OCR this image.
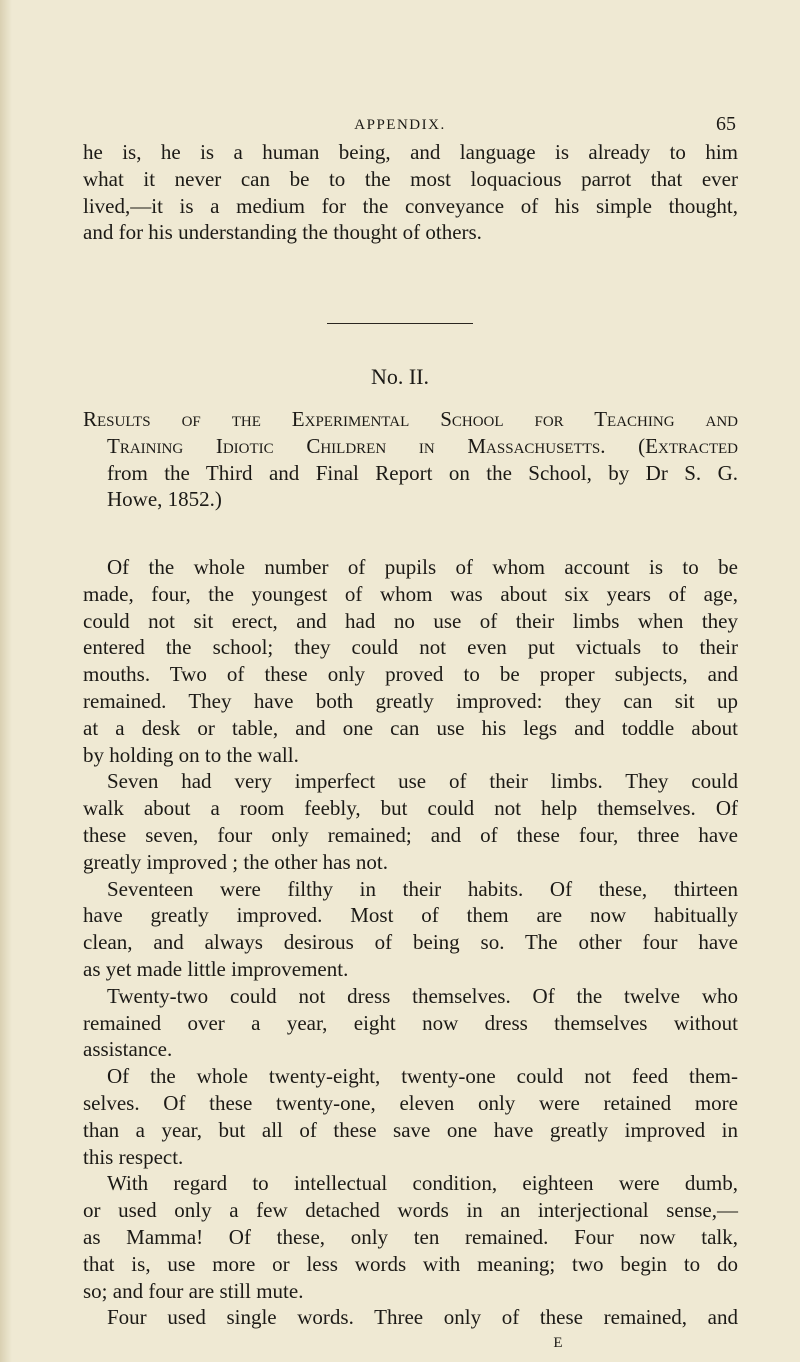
APPENDIX.	65
he is, he is a human being, and language is already to him
what it never can be to the most loquacious parrot that ever
lived,—it is a medium for the conveyance of his simple thought,
and for his understanding the thought of others.
No. II.
Results of the Experimental School for Teaching and
Training Idiotic Children in Massachusetts. (Extracted
from the Third and Final Report on the School, by Dr S. G.
Howe, 1852.)
Of the whole number of pupils of whom account is to be
made, four, the youngest of whom was about six years of age,
could not sit erect, and had no use of their limbs when they
entered the school; they could not even put victuals to their
mouths. Two of these only proved to be proper subjects, and
remained. They have both greatly improved: they can sit up
at a desk or table, and one can use his legs and toddle about
by holding on to the wall.
Seven had very imperfect use of their limbs. They could
walk about a room feebly, but could not help themselves. Of
these seven, four only remained; and of these four, three have
greatly improved ; the other has not.
Seventeen were filthy in their habits. Of these, thirteen
have greatly improved. Most of them are now habitually
clean, and always desirous of being so. The other four have
as yet made little improvement.
Twenty-two could not dress themselves. Of the twelve who
remained over a year, eight now dress themselves without
assistance.
Of the whole twenty-eight, twenty-one could not feed them-
selves. Of these twenty-one, eleven only were retained more
than a year, but all of these save one have greatly improved in
this respect.
With regard to intellectual condition, eighteen were dumb,
or used only a few detached words in an interjectional sense,—
as Mamma! Of these, only ten remained. Four now talk,
that is, use more or less words with meaning; two begin to do
so; and four are still mute.
Four used single words. Three only of these remained, and
E
